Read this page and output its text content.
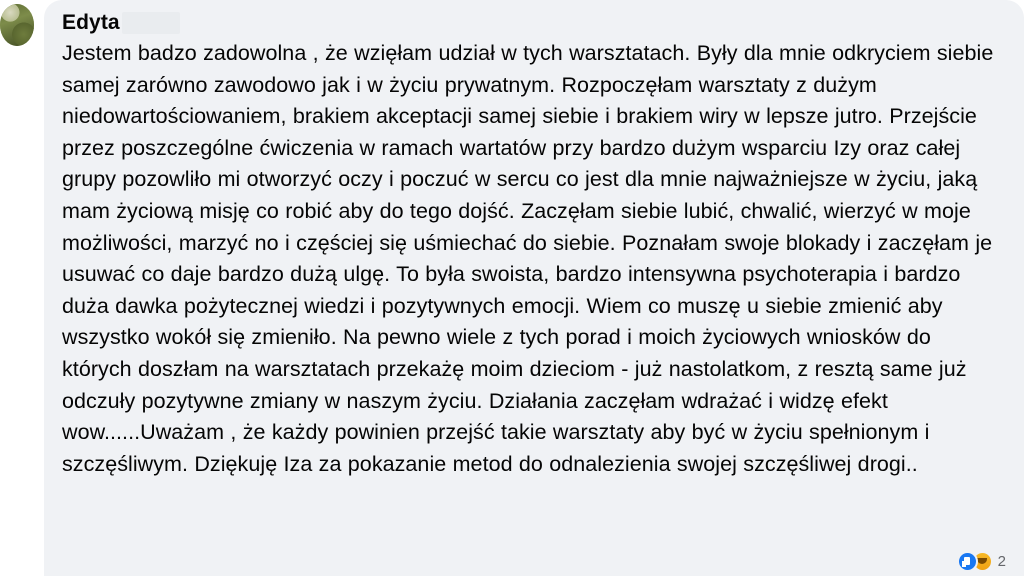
Edyta
Jestem badzo zadowolna , że wzięłam udział w tych warsztatach. Były dla mnie odkryciem siebie samej zarówno zawodowo jak i w życiu prywatnym. Rozpoczęłam warsztaty z dużym niedowartościowaniem, brakiem akceptacji samej siebie i brakiem wiry w lepsze jutro. Przejście przez poszczególne ćwiczenia w ramach wartatów przy bardzo dużym wsparciu Izy oraz całej grupy pozowliło mi otworzyć oczy i poczuć w sercu co jest dla mnie najważniejsze w życiu, jaką mam życiową misję co robić aby do tego dojść. Zaczęłam siebie lubić, chwalić, wierzyć w moje możliwości, marzyć no i częściej się uśmiechać do siebie. Poznałam swoje blokady i zaczęłam je usuwać co daje bardzo dużą ulgę. To była swoista, bardzo intensywna psychoterapia i bardzo duża dawka pożytecznej wiedzi i pozytywnych emocji. Wiem co muszę u siebie zmienić aby wszystko wokół się zmieniło. Na pewno wiele z tych porad i moich życiowych wniosków do których doszłam na warsztatach przekażę moim dzieciom - już nastolatkom, z resztą same już odczuły pozytywne zmiany w naszym życiu. Działania zaczęłam wdrażać i widzę efekt wow......Uważam , że każdy powinien przejść takie warsztaty aby być w życiu spełnionym i szczęśliwym. Dziękuję Iza za pokazanie metod do odnalezienia swojej szczęśliwej drogi..
2
